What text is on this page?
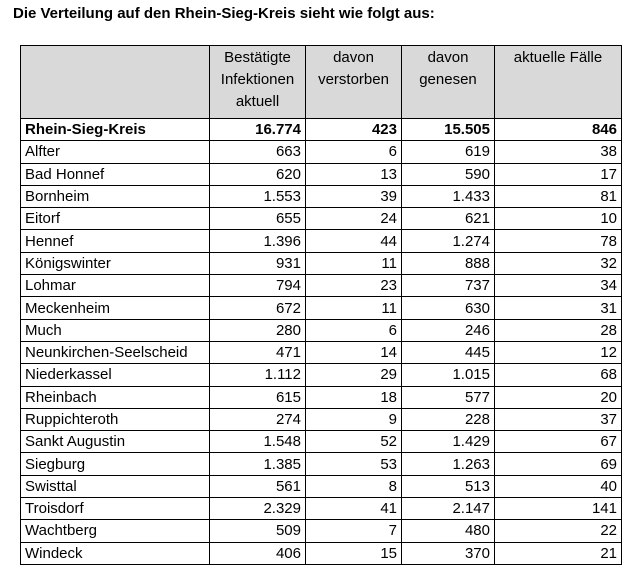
Die Verteilung auf den Rhein-Sieg-Kreis sieht wie folgt aus:
	Bestätigte Infektionen aktuell	davon verstorben	davon genesen	aktuelle Fälle
Rhein-Sieg-Kreis	16.774	423	15.505	846
Alfter	663	6	619	38
Bad Honnef	620	13	590	17
Bornheim	1.553	39	1.433	81
Eitorf	655	24	621	10
Hennef	1.396	44	1.274	78
Königswinter	931	11	888	32
Lohmar	794	23	737	34
Meckenheim	672	11	630	31
Much	280	6	246	28
Neunkirchen-Seelscheid	471	14	445	12
Niederkassel	1.112	29	1.015	68
Rheinbach	615	18	577	20
Ruppichteroth	274	9	228	37
Sankt Augustin	1.548	52	1.429	67
Siegburg	1.385	53	1.263	69
Swisttal	561	8	513	40
Troisdorf	2.329	41	2.147	141
Wachtberg	509	7	480	22
Windeck	406	15	370	21
